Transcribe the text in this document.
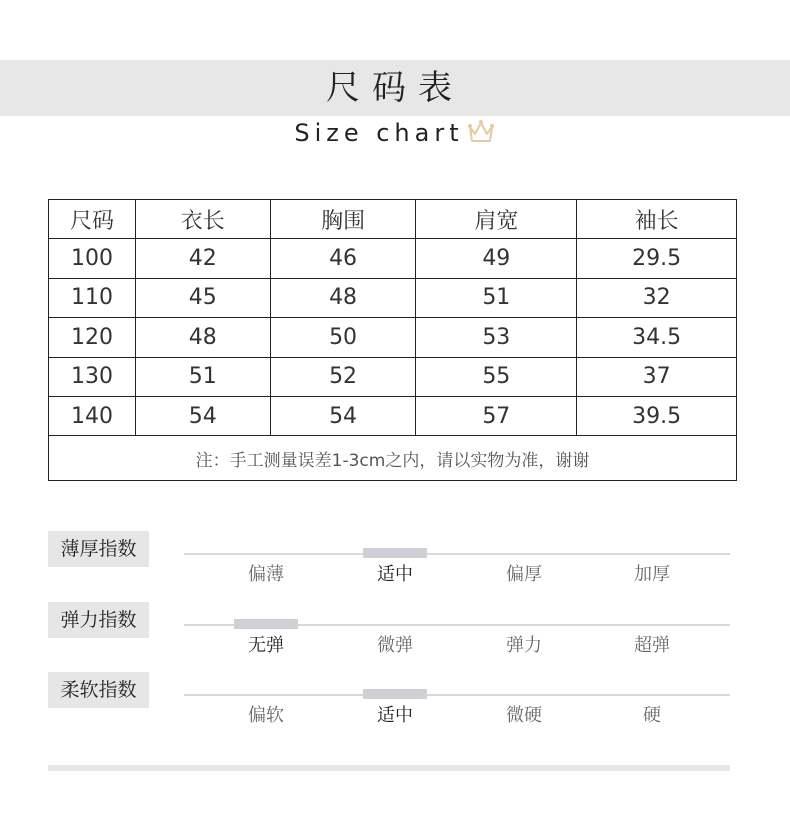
尺码表
Size chart
尺码	衣长	胸围	肩宽	袖长
100	42	46	49	29.5
110	45	48	51	32
120	48	50	53	34.5
130	51	52	55	37
140	54	54	57	39.5
注：手工测量误差1-3cm之内，请以实物为准，谢谢				
薄厚指数
偏薄	适中	偏厚	加厚
弹力指数
无弹	微弹	弹力	超弹
柔软指数
偏软	适中	微硬	硬
